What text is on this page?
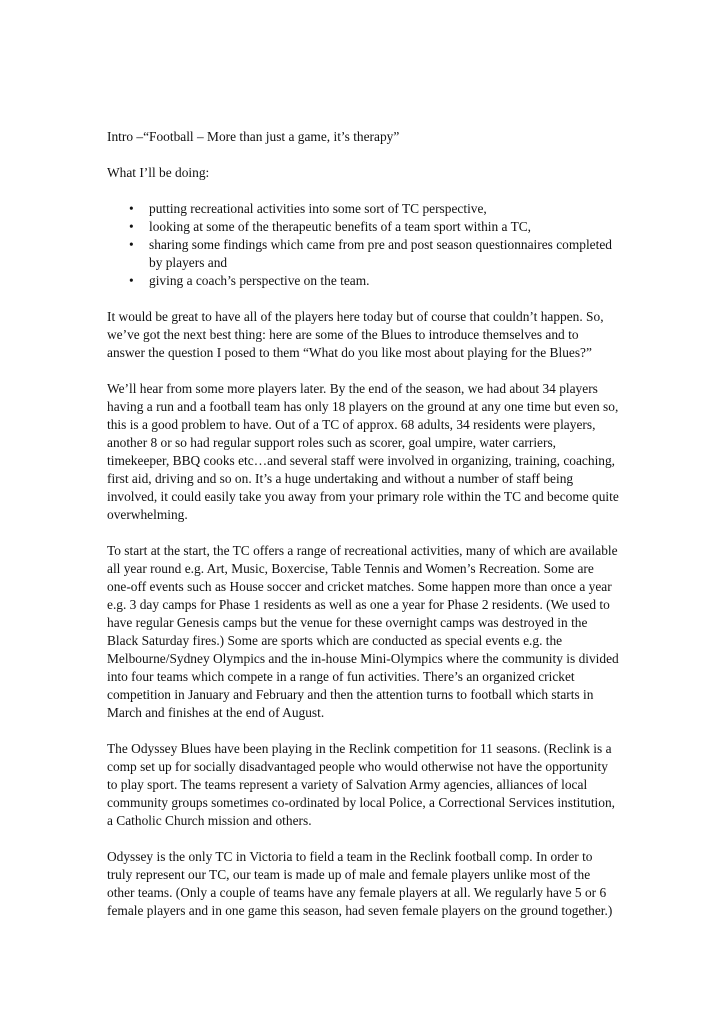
Intro –“Football – More than just a game, it’s therapy”

What I’ll be doing:

• putting recreational activities into some sort of TC perspective,
• looking at some of the therapeutic benefits of a team sport within a TC,
• sharing some findings which came from pre and post season questionnaires completed by players and
• giving a coach’s perspective on the team.

It would be great to have all of the players here today but of course that couldn’t happen. So, we’ve got the next best thing: here are some of the Blues to introduce themselves and to answer the question I posed to them “What do you like most about playing for the Blues?”

We’ll hear from some more players later. By the end of the season, we had about 34 players having a run and a football team has only 18 players on the ground at any one time but even so, this is a good problem to have. Out of a TC of approx. 68 adults, 34 residents were players, another 8 or so had regular support roles such as scorer, goal umpire, water carriers, timekeeper, BBQ cooks etc…and several staff were involved in organizing, training, coaching, first aid, driving and so on. It’s a huge undertaking and without a number of staff being involved, it could easily take you away from your primary role within the TC and become quite overwhelming.

To start at the start, the TC offers a range of recreational activities, many of which are available all year round e.g. Art, Music, Boxercise, Table Tennis and Women’s Recreation. Some are one-off events such as House soccer and cricket matches. Some happen more than once a year e.g. 3 day camps for Phase 1 residents as well as one a year for Phase 2 residents. (We used to have regular Genesis camps but the venue for these overnight camps was destroyed in the Black Saturday fires.) Some are sports which are conducted as special events e.g. the Melbourne/Sydney Olympics and the in-house Mini-Olympics where the community is divided into four teams which compete in a range of fun activities. There’s an organized cricket competition in January and February and then the attention turns to football which starts in March and finishes at the end of August.

The Odyssey Blues have been playing in the Reclink competition for 11 seasons. (Reclink is a comp set up for socially disadvantaged people who would otherwise not have the opportunity to play sport. The teams represent a variety of Salvation Army agencies, alliances of local community groups sometimes co-ordinated by local Police, a Correctional Services institution, a Catholic Church mission and others.

Odyssey is the only TC in Victoria to field a team in the Reclink football comp. In order to truly represent our TC, our team is made up of male and female players unlike most of the other teams. (Only a couple of teams have any female players at all. We regularly have 5 or 6 female players and in one game this season, had seven female players on the ground together.)
